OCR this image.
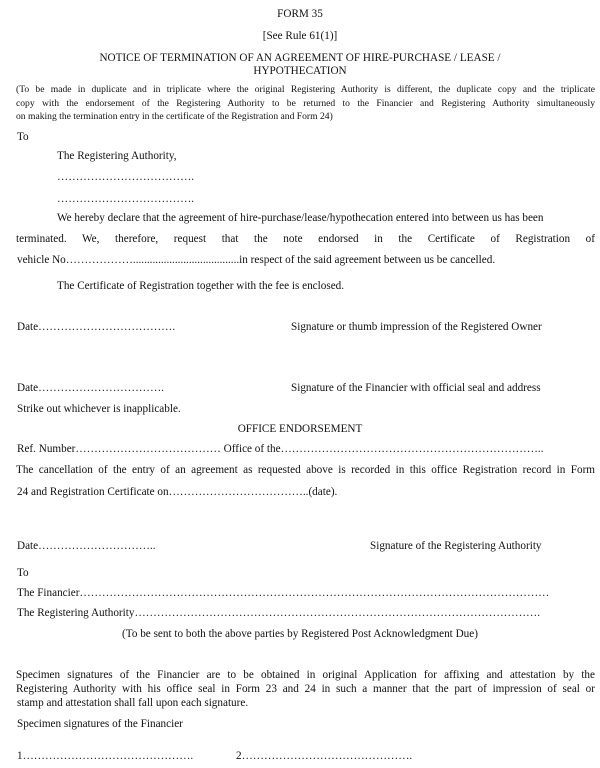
FORM 35
[See Rule 61(1)]
NOTICE OF TERMINATION OF AN AGREEMENT OF HIRE-PURCHASE / LEASE /
HYPOTHECATION
(To be made in duplicate and in triplicate where the original Registering Authority is different, the duplicate copy and the triplicate
copy with the endorsement of the Registering Authority to be returned to the Financier and Registering Authority simultaneously
on making the termination entry in the certificate of the Registration and Form 24)
To
The Registering Authority,
……………………………….
……………………………….
We hereby declare that the agreement of hire-purchase/lease/hypothecation entered into between us has been
terminated. We, therefore, request that the note endorsed in the Certificate of Registration of
vehicle No………………......................................in respect of the said agreement between us be cancelled.
The Certificate of Registration together with the fee is enclosed.
Date……………………………….	Signature or thumb impression of the Registered Owner
Date…………………………….	Signature of the Financier with official seal and address
Strike out whichever is inapplicable.
OFFICE ENDORSEMENT
Ref. Number………………………………… Office of the……………………………………………………………..
The cancellation of the entry of an agreement as requested above is recorded in this office Registration record in Form
24 and Registration Certificate on………………………………..(date).
Date…………………………..	Signature of the Registering Authority
To
The Financier………………………………………………………………………………………………………………
The Registering Authority……………………………………………………………………………………………….
(To be sent to both the above parties by Registered Post Acknowledgment Due)
Specimen signatures of the Financier are to be obtained in original Application for affixing and attestation by the
Registering Authority with his office seal in Form 23 and 24 in such a manner that the part of impression of seal or
stamp and attestation shall fall upon each signature.
Specimen signatures of the Financier
1……………………………………….	2……………………………………….
